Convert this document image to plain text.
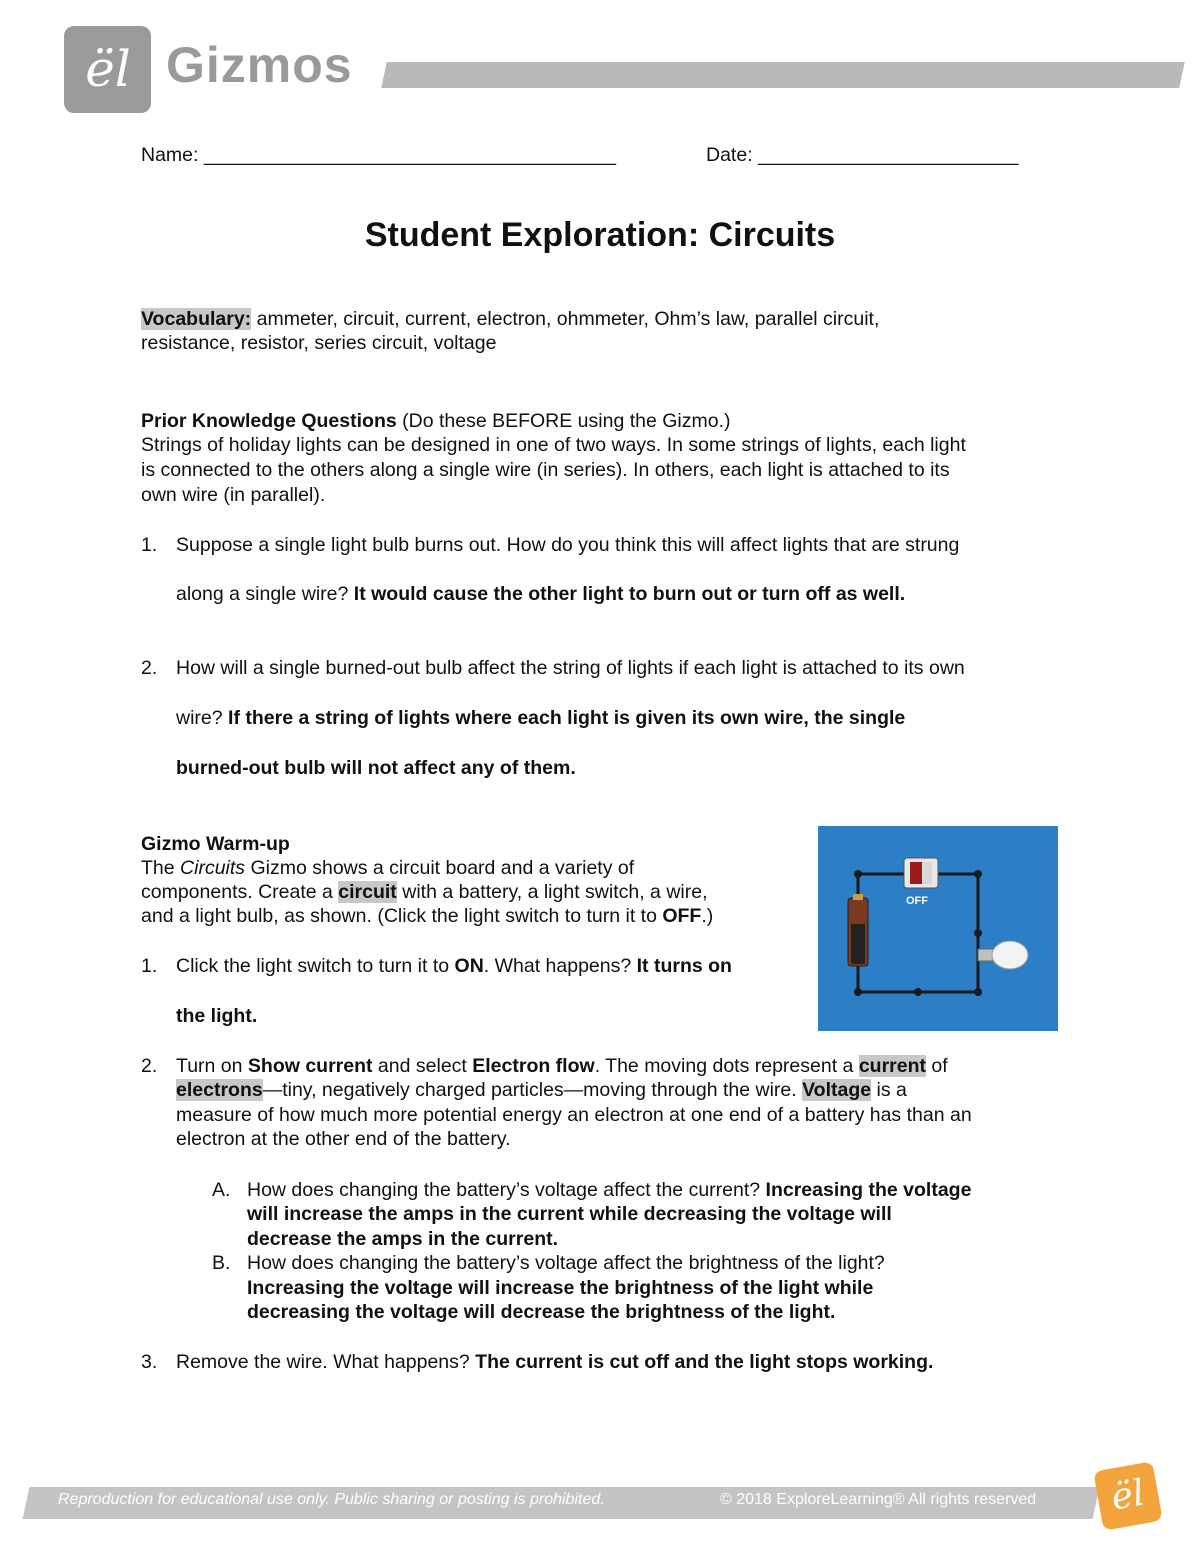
ël Gizmos
Name: ______________________________________	Date: ________________________
Student Exploration: Circuits
Vocabulary: ammeter, circuit, current, electron, ohmmeter, Ohm’s law, parallel circuit,
resistance, resistor, series circuit, voltage
Prior Knowledge Questions (Do these BEFORE using the Gizmo.)
Strings of holiday lights can be designed in one of two ways. In some strings of lights, each light
is connected to the others along a single wire (in series). In others, each light is attached to its
own wire (in parallel).
1. Suppose a single light bulb burns out. How do you think this will affect lights that are strung
along a single wire? It would cause the other light to burn out or turn off as well.
2. How will a single burned-out bulb affect the string of lights if each light is attached to its own
wire? If there a string of lights where each light is given its own wire, the single
burned-out bulb will not affect any of them.
Gizmo Warm-up
The Circuits Gizmo shows a circuit board and a variety of
components. Create a circuit with a battery, a light switch, a wire,
and a light bulb, as shown. (Click the light switch to turn it to OFF.)
1. Click the light switch to turn it to ON. What happens? It turns on
the light.
OFF
2. Turn on Show current and select Electron flow. The moving dots represent a current of
electrons—tiny, negatively charged particles—moving through the wire. Voltage is a
measure of how much more potential energy an electron at one end of a battery has than an
electron at the other end of the battery.
A. How does changing the battery’s voltage affect the current? Increasing the voltage
will increase the amps in the current while decreasing the voltage will
decrease the amps in the current.
B. How does changing the battery’s voltage affect the brightness of the light?
Increasing the voltage will increase the brightness of the light while
decreasing the voltage will decrease the brightness of the light.
3. Remove the wire. What happens? The current is cut off and the light stops working.
Reproduction for educational use only. Public sharing or posting is prohibited.	© 2018 ExploreLearning® All rights reserved	ël
